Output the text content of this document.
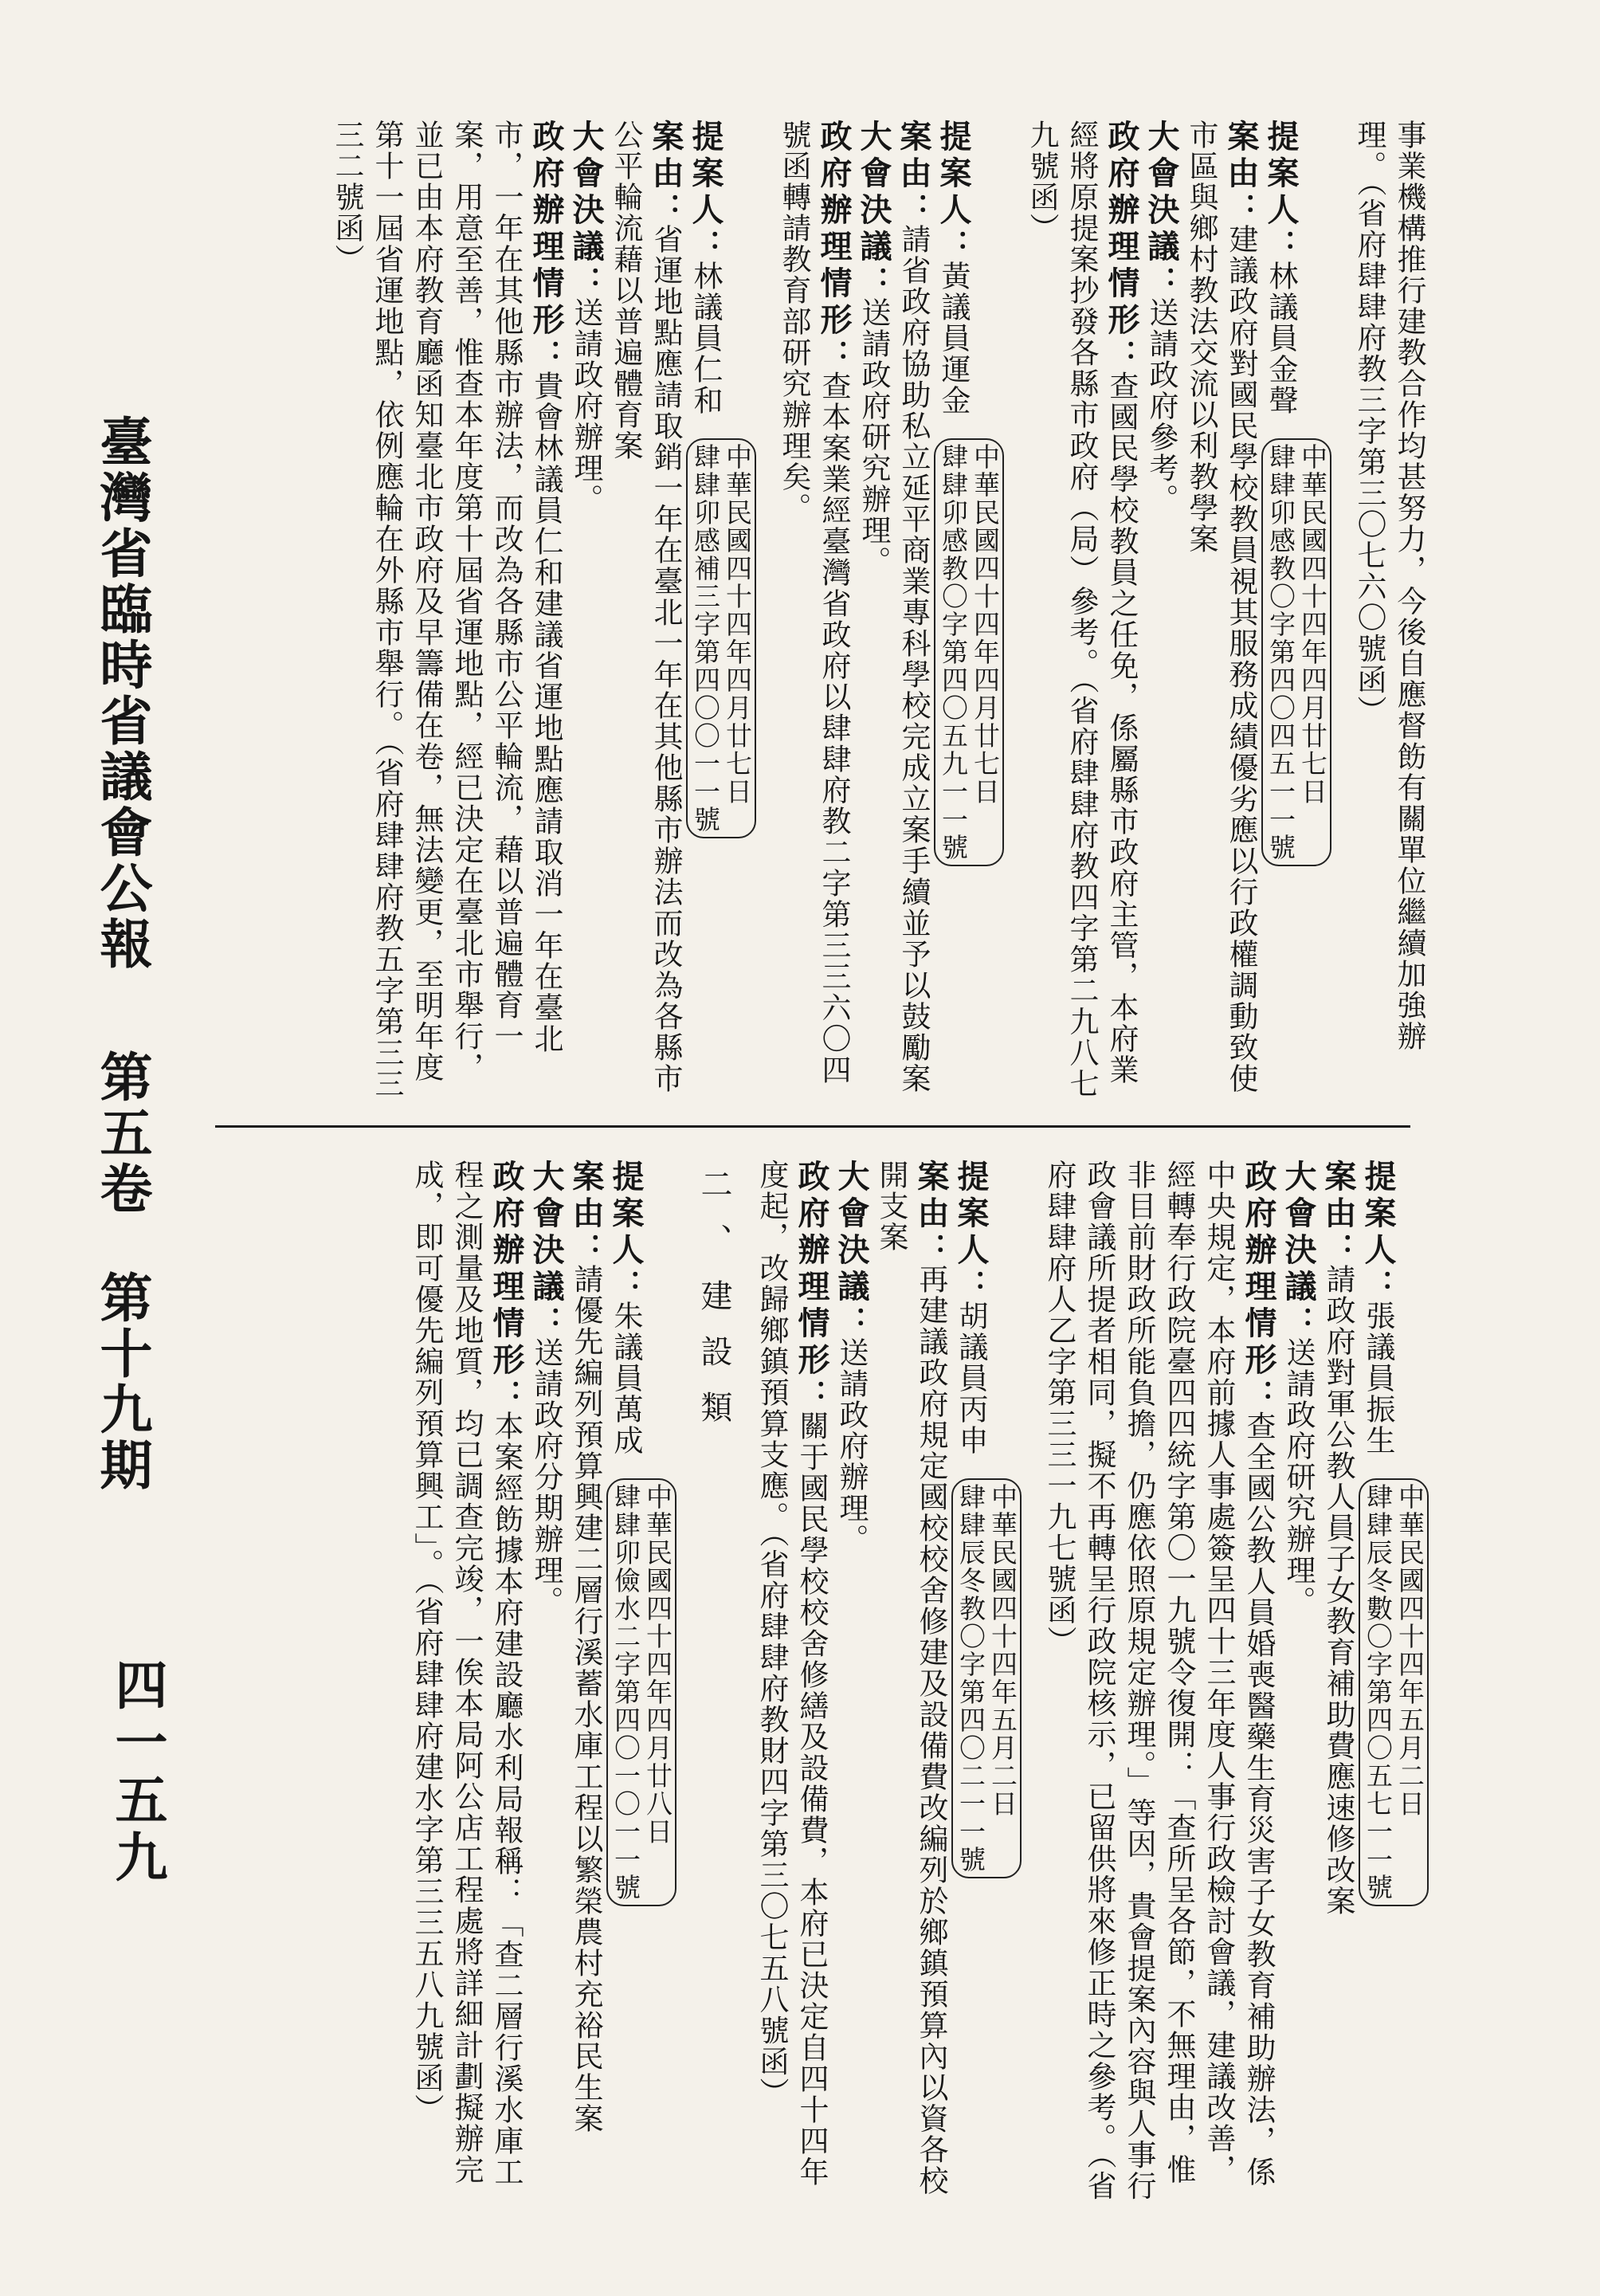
臺灣省臨時省議會公報 第五卷 第十九期
四一五九
事業機構推行建教合作均甚努力，今後自應督飭有關單位繼續加強辦理。（省府肆肆府教三字第三〇七六〇號函）
提案人：林議員金聲
中華民國四十四年四月廿七日
肆肆卯感教〇字第四〇四五一一號
案由：建議政府對國民學校教員視其服務成績優劣應以行政權調動致使市區與鄉村教法交流以利教學案
大會決議：送請政府參考。
政府辦理情形：查國民學校教員之任免，係屬縣市政府主管，本府業經將原提案抄發各縣市政府（局）參考。（省府肆肆府教四字第二九八七九號函）
提案人：黃議員運金
中華民國四十四年四月廿七日
肆肆卯感教〇字第四〇五九一一號
案由：請省政府協助私立延平商業專科學校完成立案手續並予以鼓勵案
大會決議：送請政府研究辦理。
政府辦理情形：查本案業經臺灣省政府以肆肆府教二字第三三六〇四號函轉請教育部研究辦理矣。
提案人：林議員仁和
中華民國四十四年四月廿七日
肆肆卯感補三字第四〇〇一一號
案由：省運地點應請取銷一年在臺北一年在其他縣市辦法而改為各縣市公平輪流藉以普遍體育案
大會決議：送請政府辦理。
政府辦理情形：貴會林議員仁和建議省運地點應請取消一年在臺北市，一年在其他縣市辦法，而改為各縣市公平輪流，藉以普遍體育一案，用意至善，惟查本年度第十屆省運地點，經已決定在臺北市舉行，並已由本府教育廳函知臺北市政府及早籌備在卷，無法變更，至明年度第十一屆省運地點，依例應輪在外縣市舉行。（省府肆肆府教五字第三三三二號函）
提案人：張議員振生
中華民國四十四年五月二日
肆肆辰冬數〇字第四〇五七一一號
案由：請政府對軍公教人員子女教育補助費應速修改案
大會決議：送請政府研究辦理。
政府辦理情形：查全國公教人員婚喪醫藥生育災害子女教育補助辦法，係中央規定，本府前據人事處簽呈四十三年度人事行政檢討會議，建議改善，經轉奉行政院臺四四統字第〇一九號令復開：「查所呈各節，不無理由，惟非目前財政所能負擔，仍應依照原規定辦理。」等因，貴會提案內容與人事行政會議所提者相同，擬不再轉呈行政院核示，已留供將來修正時之參考。（省府肆肆府人乙字第三三一九七號函）
提案人：胡議員丙申
中華民國四十四年五月二日
肆肆辰冬教〇字第四〇二一一號
案由：再建議政府規定國校校舍修建及設備費改編列於鄉鎮預算內以資各校開支案
大會決議：送請政府辦理。
政府辦理情形：關于國民學校校舍修繕及設備費，本府已決定自四十四年度起，改歸鄉鎮預算支應。（省府肆肆府教財四字第三〇七五八號函）
二、建設類
提案人：朱議員萬成
中華民國四十四年四月廿八日
肆肆卯儉水二字第四〇一〇一一號
案由：請優先編列預算興建二層行溪蓄水庫工程以繁榮農村充裕民生案
大會決議：送請政府分期辦理。
政府辦理情形：本案經飭據本府建設廳水利局報稱：「查二層行溪水庫工程之測量及地質，均已調查完竣，一俟本局阿公店工程處將詳細計劃擬辦完成，即可優先編列預算興工」。（省府肆肆府建水字第三三五八九號函）
